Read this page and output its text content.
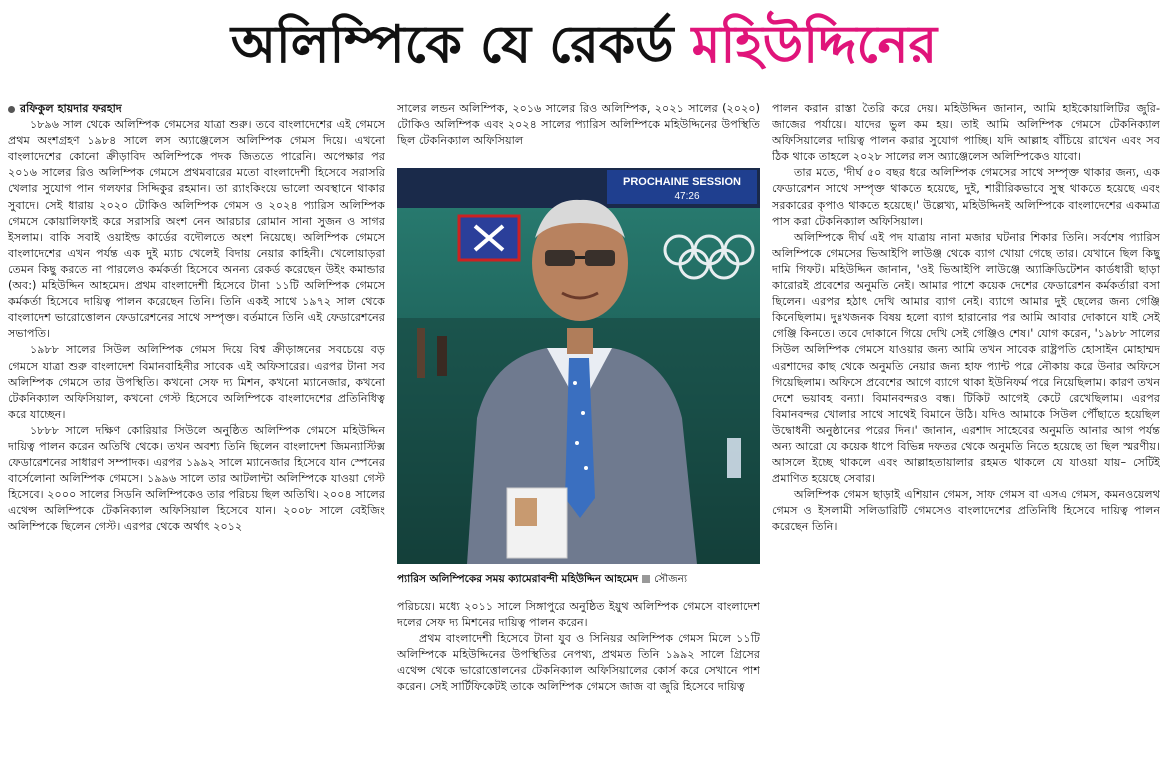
অলিম্পিকে যে রেকর্ড মহিউদ্দিনের

রফিকুল হায়দার ফরহাদ

১৮৯৬ সাল থেকে অলিম্পিক গেমসের যাত্রা শুরু। তবে বাংলাদেশের এই গেমসে প্রথম অংশগ্রহণ ১৯৮৪ সালে লস অ্যাঞ্জেলেস অলিম্পিক গেমস দিয়ে। এখনো বাংলাদেশের কোনো ক্রীড়াবিদ অলিম্পিকে পদক জিততে পারেনি। অপেক্ষার পর ২০১৬ সালের রিও অলিম্পিক গেমসে প্রথমবারের মতো বাংলাদেশী হিসেবে সরাসরি খেলার সুযোগ পান গলফার সিদ্দিকুর রহমান। তা র‍্যাংকিংয়ে ভালো অবস্থানে থাকার সুবাদে। সেই ধারায় ২০২০ টোকিও অলিম্পিক গেমস ও ২০২৪ প্যারিস অলিম্পিক গেমসে কোয়ালিফাই করে সরাসরি অংশ নেন আরচার রোমান সানা সুজন ও সাগর ইসলাম। বাকি সবাই ওয়াইল্ড কার্ডের বদৌলতে অংশ নিয়েছে। অলিম্পিক গেমসে বাংলাদেশের এখন পর্যন্ত এক দুই ম্যাচ খেলেই বিদায় নেয়ার কাহিনী। খেলোয়াড়রা তেমন কিছু করতে না পারলেও কর্মকর্তা হিসেবে অনন্য রেকর্ড করেছেন উইং কমান্ডার (অব:) মহিউদ্দিন আহমেদ। প্রথম বাংলাদেশী হিসেবে টানা ১১টি অলিম্পিক গেমসে কর্মকর্তা হিসেবে দায়িত্ব পালন করেছেন তিনি। তিনি একই সাথে ১৯৭২ সাল থেকে বাংলাদেশ ভারোত্তোলন ফেডারেশনের সাথে সম্পৃক্ত। বর্তমানে তিনি এই ফেডারেশনের সভাপতি।

১৯৮৮ সালের সিউল অলিম্পিক গেমস দিয়ে বিশ্ব ক্রীড়াঙ্গনের সবচেয়ে বড় গেমসে যাত্রা শুরু বাংলাদেশ বিমানবাহিনীর সাবেক এই অফিসারের। এরপর টানা সব অলিম্পিক গেমসে তার উপস্থিতি। কখনো সেফ দ্য মিশন, কখনো ম্যানেজার, কখনো টেকনিক্যাল অফিসিয়াল, কখনো গেস্ট হিসেবে অলিম্পিকে বাংলাদেশের প্রতিনিধিত্ব করে যাচ্ছেন।

১৮৮৮ সালে দক্ষিণ কোরিয়ার সিউলে অনুষ্ঠিত অলিম্পিক গেমসে মহিউদ্দিন দায়িত্ব পালন করেন অতিথি থেকে। তখন অবশ্য তিনি ছিলেন বাংলাদেশ জিমন্যাস্টিক্স ফেডারেশনের সাধারণ সম্পাদক। এরপর ১৯৯২ সালে ম্যানেজার হিসেবে যান স্পেনের বার্সেলোনা অলিম্পিক গেমসে। ১৯৯৬ সালে তার আটলান্টা অলিম্পিকে যাওয়া গেস্ট হিসেবে। ২০০০ সালের সিডনি অলিম্পিকেও তার পরিচয় ছিল অতিথি। ২০০৪ সালের এথেন্স অলিম্পিকে টেকনিক্যাল অফিসিয়াল হিসেবে যান। ২০০৮ সালে বেইজিং অলিম্পিকে ছিলেন গেস্ট। এরপর থেকে অর্থাৎ ২০১২

সালের লন্ডন অলিম্পিক, ২০১৬ সালের রিও অলিম্পিক, ২০২১ সালের (২০২০) টোকিও অলিম্পিক এবং ২০২৪ সালের প্যারিস অলিম্পিকে মহিউদ্দিনের উপস্থিতি ছিল টেকনিক্যাল অফিসিয়াল

PROCHAINE SESSION
47:26
প্যারিস অলিম্পিকের সময় ক্যামেরাবন্দী মহিউদ্দিন আহমেদ সৌজন্য

পরিচয়ে। মধ্যে ২০১১ সালে সিঙ্গাপুরে অনুষ্ঠিত ইয়ুথ অলিম্পিক গেমসে বাংলাদেশ দলের সেফ দ্য মিশনের দায়িত্ব পালন করেন।

প্রথম বাংলাদেশী হিসেবে টানা যুব ও সিনিয়র অলিম্পিক গেমস মিলে ১১টি অলিম্পিকে মহিউদ্দিনের উপস্থিতির নেপথ্য, প্রথমত তিনি ১৯৯২ সালে গ্রিসের এথেন্স থেকে ভারোত্তোলনের টেকনিক্যাল অফিসিয়ালের কোর্স করে সেখানে পাশ করেন। সেই সার্টিফিকেটই তাকে অলিম্পিক গেমসে জাজ বা জুরি হিসেবে দায়িত্ব

পালন করান রাস্তা তৈরি করে দেয়। মহিউদ্দিন জানান, আমি হাইকোয়ালিটির জুরি-জাজের পর্যায়ে। যাদের ভুল কম হয়। তাই আমি অলিম্পিক গেমসে টেকনিক্যাল অফিসিয়ালের দায়িত্ব পালন করার সুযোগ পাচ্ছি। যদি আল্লাহ বাঁচিয়ে রাখেন এবং সব ঠিক থাকে তাহলে ২০২৮ সালের লস অ্যাঞ্জেলেস অলিম্পিকেও যাবো।

তার মতে, 'দীর্ঘ ৫০ বছর ধরে অলিম্পিক গেমসের সাথে সম্পৃক্ত থাকার জন্য, এক ফেডারেশন সাথে সম্পৃক্ত থাকতে হয়েছে, দুই, শারীরিকভাবে সুস্থ থাকতে হয়েছে এবং সরকারের কৃপাও থাকতে হয়েছে।' উল্লেখ্য, মহিউদ্দিনই অলিম্পিকে বাংলাদেশের একমাত্র পাস করা টেকনিক্যাল অফিসিয়াল।

অলিম্পিকে দীর্ঘ এই পদ যাত্রায় নানা মজার ঘটনার শিকার তিনি। সর্বশেষ প্যারিস অলিম্পিকে গেমসের ভিআইপি লাউঞ্জ থেকে ব্যাগ খোয়া গেছে তার। যেখানে ছিল কিছু দামি গিফট। মহিউদ্দিন জানান, 'ওই ভিআইপি লাউঞ্জে অ্যাক্রিডিটেশন কার্ডধারী ছাড়া কারোরই প্রবেশের অনুমতি নেই। আমার পাশে কয়েক দেশের ফেডারেশন কর্মকর্তারা বসা ছিলেন। এরপর হঠাৎ দেখি আমার ব্যাগ নেই। ব্যাগে আমার দুই ছেলের জন্য গেঞ্জি কিনেছিলাম। দুঃখজনক বিষয় হলো ব্যাগ হারানোর পর আমি আবার দোকানে যাই সেই গেঞ্জি কিনতে। তবে দোকানে গিয়ে দেখি সেই গেঞ্জিও শেষ।' যোগ করেন, '১৯৮৮ সালের সিউল অলিম্পিক গেমসে যাওয়ার জন্য আমি তখন সাবেক রাষ্ট্রপতি হোসাইন মোহাম্মদ এরশাদের কাছ থেকে অনুমতি নেয়ার জন্য হাফ প্যান্ট পরে নৌকায় করে উনার অফিসে গিয়েছিলাম। অফিসে প্রবেশের আগে ব্যাগে থাকা ইউনিফর্ম পরে নিয়েছিলাম। কারণ তখন দেশে ভয়াবহ বন্যা। বিমানবন্দরও বন্ধ। টিকিট আগেই কেটে রেখেছিলাম। এরপর বিমানবন্দর খোলার সাথে সাথেই বিমানে উঠি। যদিও আমাকে সিউল পৌঁছাতে হয়েছিল উদ্বোধনী অনুষ্ঠানের পরের দিন।' জানান, এরশাদ সাহেবের অনুমতি আনার আগ পর্যন্ত অন্য আরো যে কয়েক ধাপে বিভিন্ন দফতর থেকে অনুমতি নিতে হয়েছে তা ছিল স্মরণীয়। আসলে ইচ্ছে থাকলে এবং আল্লাহতায়ালার রহমত থাকলে যে যাওয়া যায়– সেটিই প্রমাণিত হয়েছে সেবার।

অলিম্পিক গেমস ছাড়াই এশিয়ান গেমস, সাফ গেমস বা এসএ গেমস, কমনওয়েলথ গেমস ও ইসলামী সলিডারিটি গেমসেও বাংলাদেশের প্রতিনিধি হিসেবে দায়িত্ব পালন করেছেন তিনি।
